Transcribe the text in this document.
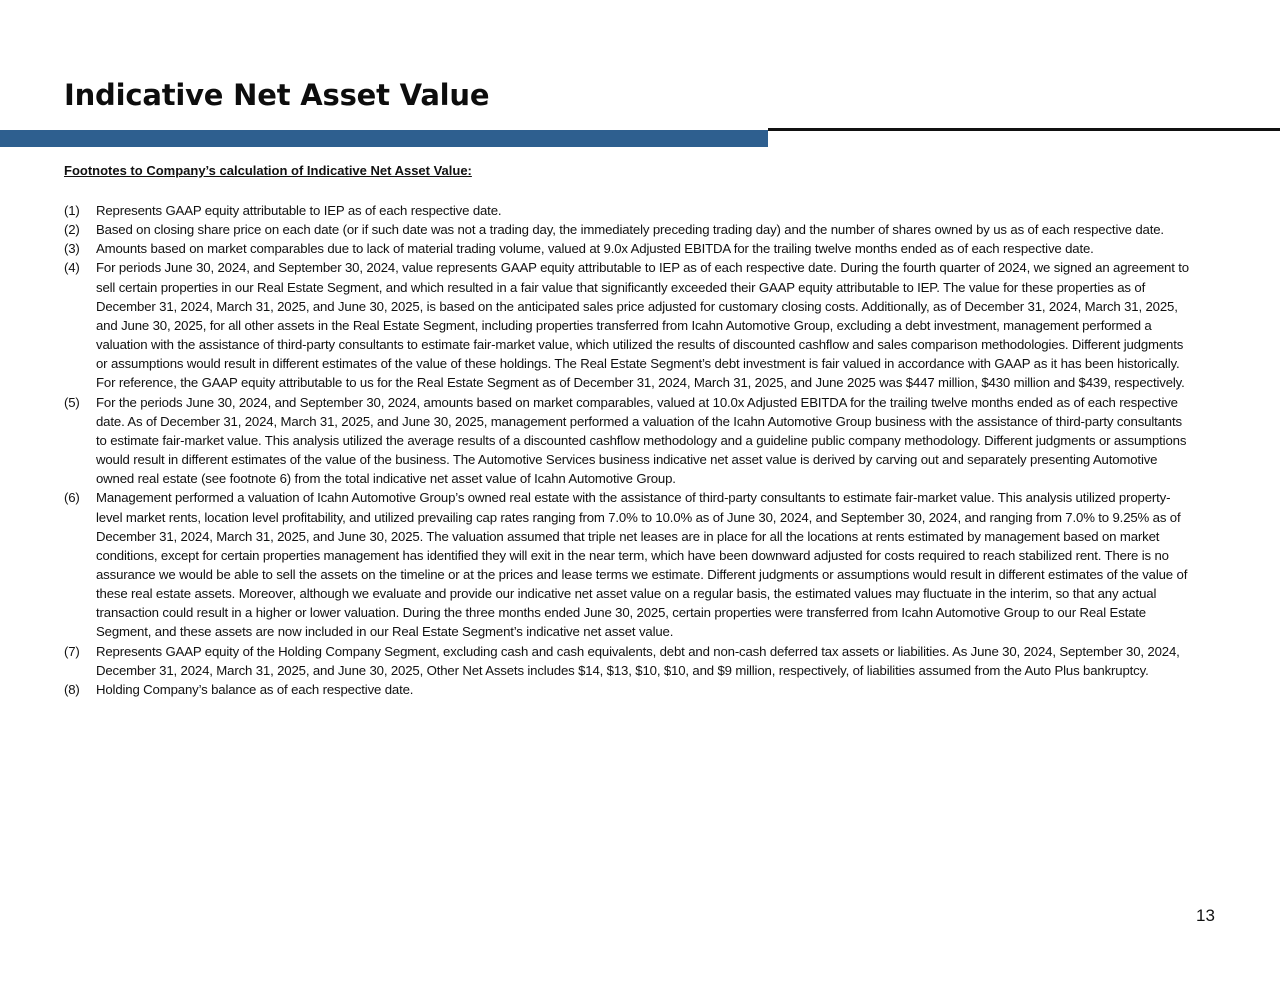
Indicative Net Asset Value

Footnotes to Company’s calculation of Indicative Net Asset Value:

(1) Represents GAAP equity attributable to IEP as of each respective date.
(2) Based on closing share price on each date (or if such date was not a trading day, the immediately preceding trading day) and the number of shares owned by us as of each respective date.
(3) Amounts based on market comparables due to lack of material trading volume, valued at 9.0x Adjusted EBITDA for the trailing twelve months ended as of each respective date.
(4) For periods June 30, 2024, and September 30, 2024, value represents GAAP equity attributable to IEP as of each respective date. During the fourth quarter of 2024, we signed an agreement to sell certain properties in our Real Estate Segment, and which resulted in a fair value that significantly exceeded their GAAP equity attributable to IEP. The value for these properties as of December 31, 2024, March 31, 2025, and June 30, 2025, is based on the anticipated sales price adjusted for customary closing costs. Additionally, as of December 31, 2024, March 31, 2025, and June 30, 2025, for all other assets in the Real Estate Segment, including properties transferred from Icahn Automotive Group, excluding a debt investment, management performed a valuation with the assistance of third-party consultants to estimate fair-market value, which utilized the results of discounted cashflow and sales comparison methodologies. Different judgments or assumptions would result in different estimates of the value of these holdings. The Real Estate Segment’s debt investment is fair valued in accordance with GAAP as it has been historically. For reference, the GAAP equity attributable to us for the Real Estate Segment as of December 31, 2024, March 31, 2025, and June 2025 was $447 million, $430 million and $439, respectively.
(5) For the periods June 30, 2024, and September 30, 2024, amounts based on market comparables, valued at 10.0x Adjusted EBITDA for the trailing twelve months ended as of each respective date. As of December 31, 2024, March 31, 2025, and June 30, 2025, management performed a valuation of the Icahn Automotive Group business with the assistance of third-party consultants to estimate fair-market value. This analysis utilized the average results of a discounted cashflow methodology and a guideline public company methodology. Different judgments or assumptions would result in different estimates of the value of the business. The Automotive Services business indicative net asset value is derived by carving out and separately presenting Automotive owned real estate (see footnote 6) from the total indicative net asset value of Icahn Automotive Group.
(6) Management performed a valuation of Icahn Automotive Group’s owned real estate with the assistance of third-party consultants to estimate fair-market value. This analysis utilized property-level market rents, location level profitability, and utilized prevailing cap rates ranging from 7.0% to 10.0% as of June 30, 2024, and September 30, 2024, and ranging from 7.0% to 9.25% as of December 31, 2024, March 31, 2025, and June 30, 2025. The valuation assumed that triple net leases are in place for all the locations at rents estimated by management based on market conditions, except for certain properties management has identified they will exit in the near term, which have been downward adjusted for costs required to reach stabilized rent. There is no assurance we would be able to sell the assets on the timeline or at the prices and lease terms we estimate. Different judgments or assumptions would result in different estimates of the value of these real estate assets. Moreover, although we evaluate and provide our indicative net asset value on a regular basis, the estimated values may fluctuate in the interim, so that any actual transaction could result in a higher or lower valuation. During the three months ended June 30, 2025, certain properties were transferred from Icahn Automotive Group to our Real Estate Segment, and these assets are now included in our Real Estate Segment’s indicative net asset value.
(7) Represents GAAP equity of the Holding Company Segment, excluding cash and cash equivalents, debt and non-cash deferred tax assets or liabilities. As June 30, 2024, September 30, 2024, December 31, 2024, March 31, 2025, and June 30, 2025, Other Net Assets includes $14, $13, $10, $10, and $9 million, respectively, of liabilities assumed from the Auto Plus bankruptcy.
(8) Holding Company’s balance as of each respective date.
13
